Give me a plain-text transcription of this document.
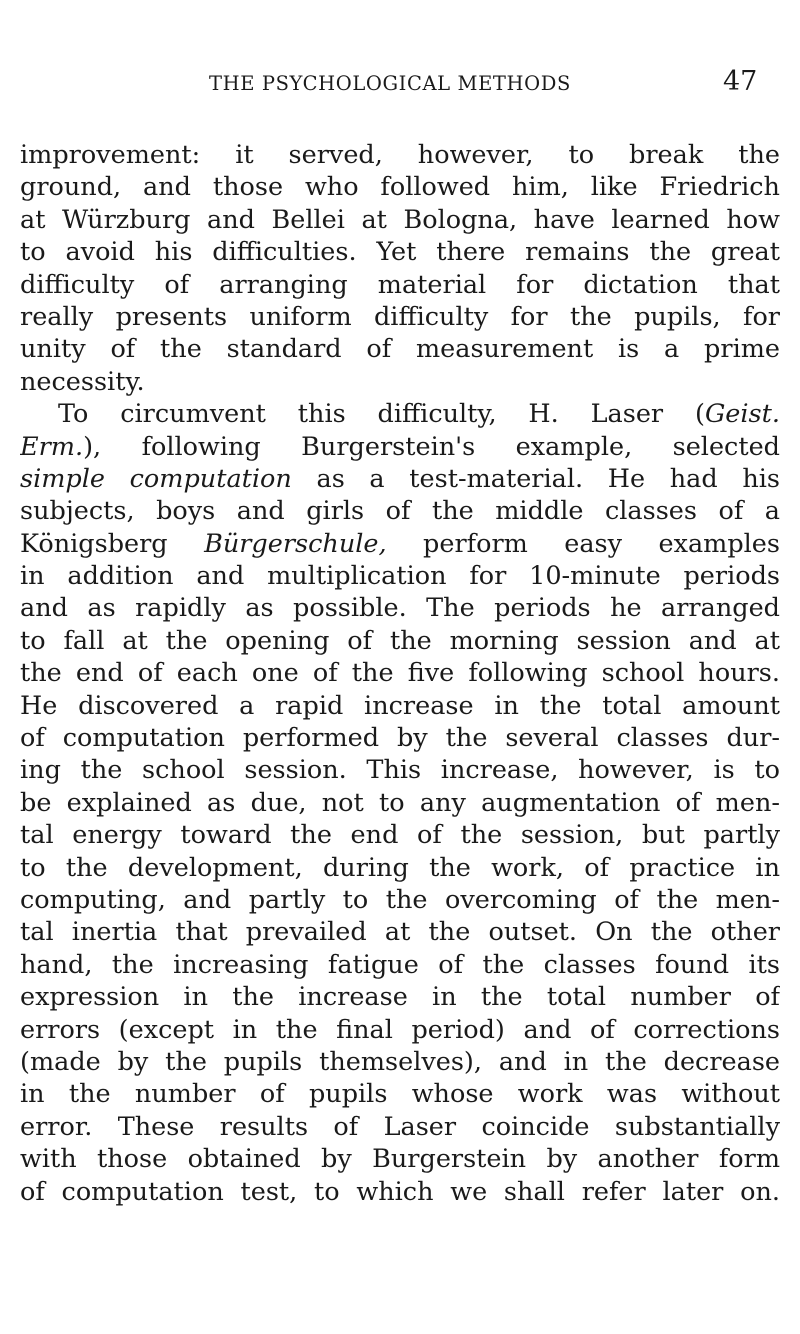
THE PSYCHOLOGICAL METHODS	47
improvement: it served, however, to break the
ground, and those who followed him, like Friedrich
at Würzburg and Bellei at Bologna, have learned how
to avoid his difficulties. Yet there remains the great
difficulty of arranging material for dictation that
really presents uniform difficulty for the pupils, for
unity of the standard of measurement is a prime
necessity.
To circumvent this difficulty, H. Laser (Geist.
Erm.), following Burgerstein's example, selected
simple computation as a test-material. He had his
subjects, boys and girls of the middle classes of a
Königsberg Bürgerschule, perform easy examples
in addition and multiplication for 10-minute periods
and as rapidly as possible. The periods he arranged
to fall at the opening of the morning session and at
the end of each one of the five following school hours.
He discovered a rapid increase in the total amount
of computation performed by the several classes dur-
ing the school session. This increase, however, is to
be explained as due, not to any augmentation of men-
tal energy toward the end of the session, but partly
to the development, during the work, of practice in
computing, and partly to the overcoming of the men-
tal inertia that prevailed at the outset. On the other
hand, the increasing fatigue of the classes found its
expression in the increase in the total number of
errors (except in the final period) and of corrections
(made by the pupils themselves), and in the decrease
in the number of pupils whose work was without
error. These results of Laser coincide substantially
with those obtained by Burgerstein by another form
of computation test, to which we shall refer later on.
